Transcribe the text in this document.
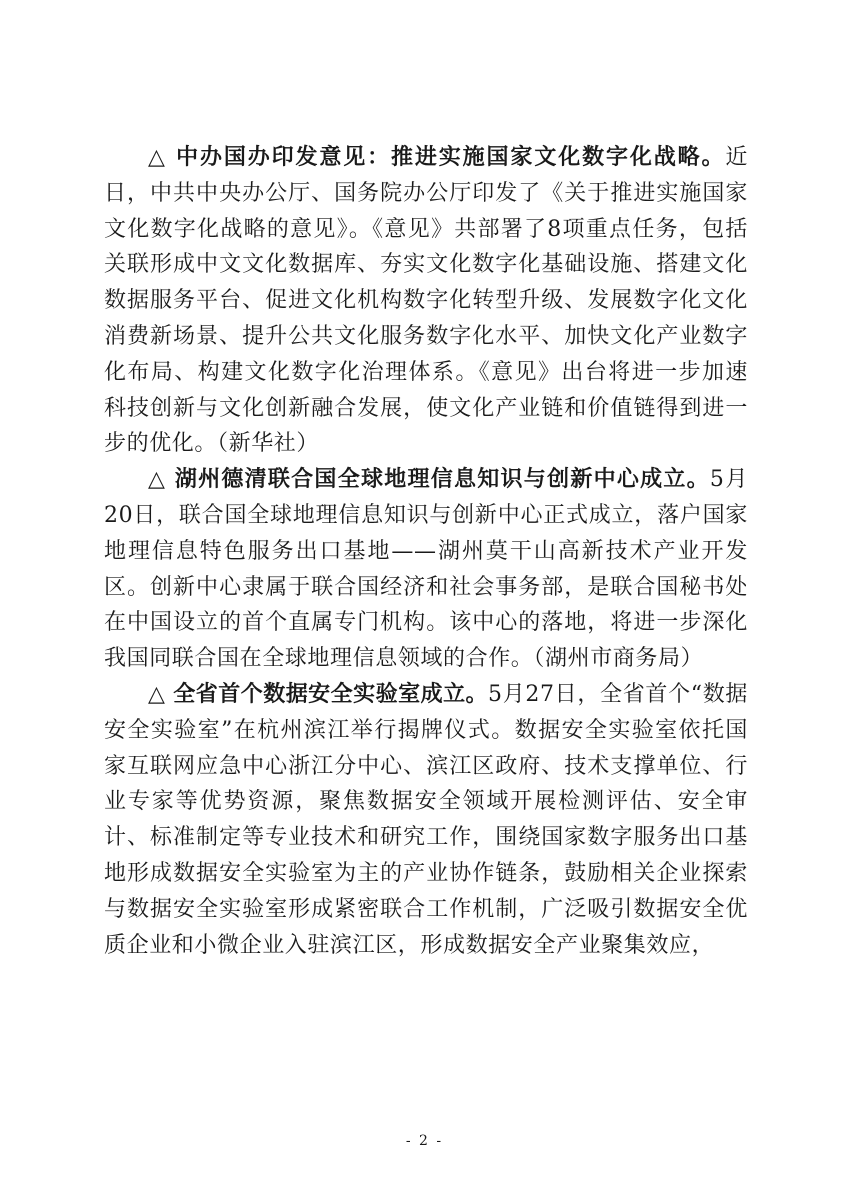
△ 中办国办印发意见：推进实施国家文化数字化战略。近日，中共中央办公厅、国务院办公厅印发了《关于推进实施国家文化数字化战略的意见》。《意见》共部署了8项重点任务，包括关联形成中文文化数据库、夯实文化数字化基础设施、搭建文化数据服务平台、促进文化机构数字化转型升级、发展数字化文化消费新场景、提升公共文化服务数字化水平、加快文化产业数字化布局、构建文化数字化治理体系。《意见》出台将进一步加速科技创新与文化创新融合发展，使文化产业链和价值链得到进一步的优化。（新华社）

△ 湖州德清联合国全球地理信息知识与创新中心成立。5月20日，联合国全球地理信息知识与创新中心正式成立，落户国家地理信息特色服务出口基地——湖州莫干山高新技术产业开发区。创新中心隶属于联合国经济和社会事务部，是联合国秘书处在中国设立的首个直属专门机构。该中心的落地，将进一步深化我国同联合国在全球地理信息领域的合作。（湖州市商务局）

△ 全省首个数据安全实验室成立。5月27日，全省首个“数据安全实验室”在杭州滨江举行揭牌仪式。数据安全实验室依托国家互联网应急中心浙江分中心、滨江区政府、技术支撑单位、行业专家等优势资源，聚焦数据安全领域开展检测评估、安全审计、标准制定等专业技术和研究工作，围绕国家数字服务出口基地形成数据安全实验室为主的产业协作链条，鼓励相关企业探索与数据安全实验室形成紧密联合工作机制，广泛吸引数据安全优质企业和小微企业入驻滨江区，形成数据安全产业聚集效应，

- 2 -
